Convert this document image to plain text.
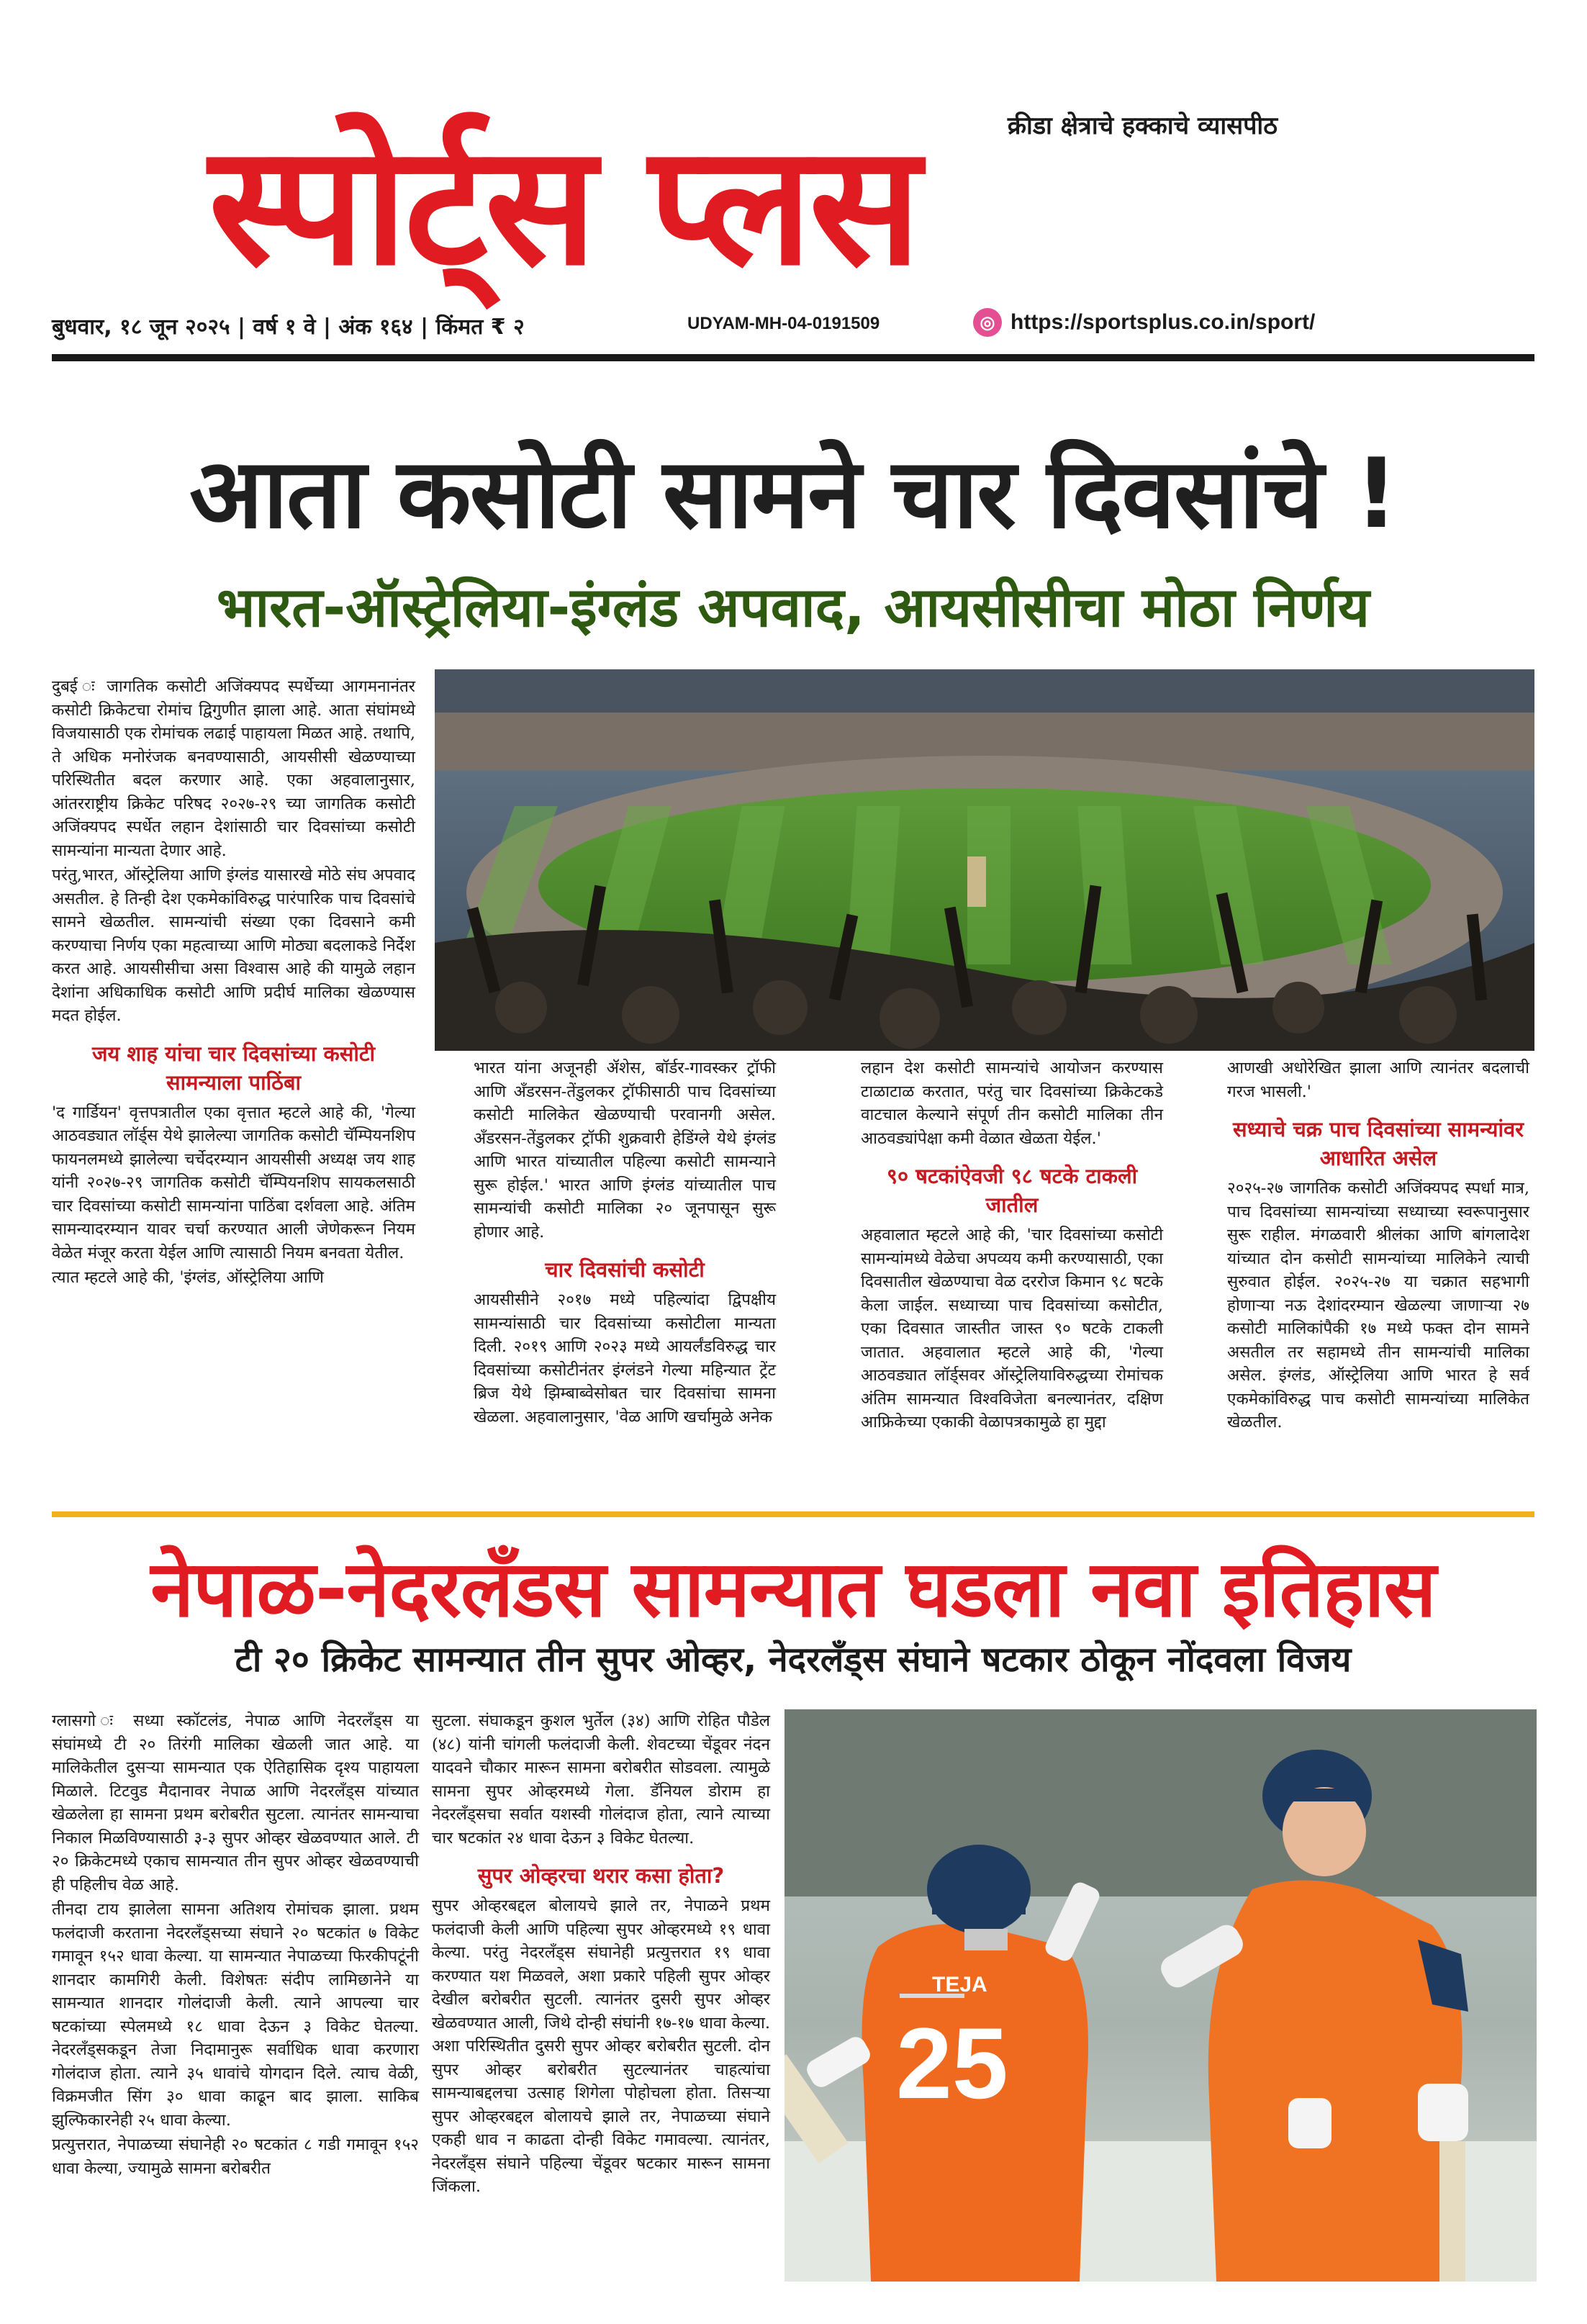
क्रीडा क्षेत्राचे हक्काचे व्यासपीठ
स्पोर्ट्स प्लस
बुधवार, १८ जून २०२५ | वर्ष १ वे | अंक १६४ | किंमत ₹ २	UDYAM-MH-04-0191509	◎ https://sportsplus.co.in/sport/
आता कसोटी सामने चार दिवसांचे !
भारत-ऑस्ट्रेलिया-इंग्लंड अपवाद, आयसीसीचा मोठा निर्णय

दुबई ः जागतिक कसोटी अजिंक्यपद स्पर्धेच्या आगमनानंतर कसोटी क्रिकेटचा रोमांच द्विगुणीत झाला आहे. आता संघांमध्ये विजयासाठी एक रोमांचक लढाई पाहायला मिळत आहे. तथापि, ते अधिक मनोरंजक बनवण्यासाठी, आयसीसी खेळण्याच्या परिस्थितीत बदल करणार आहे. एका अहवालानुसार, आंतरराष्ट्रीय क्रिकेट परिषद २०२७-२९ च्या जागतिक कसोटी अजिंक्यपद स्पर्धेत लहान देशांसाठी चार दिवसांच्या कसोटी सामन्यांना मान्यता देणार आहे.

परंतु,भारत, ऑस्ट्रेलिया आणि इंग्लंड यासारखे मोठे संघ अपवाद असतील. हे तिन्ही देश एकमेकांविरुद्ध पारंपारिक पाच दिवसांचे सामने खेळतील. सामन्यांची संख्या एका दिवसाने कमी करण्याचा निर्णय एका महत्वाच्या आणि मोठ्या बदलाकडे निर्देश करत आहे. आयसीसीचा असा विश्वास आहे की यामुळे लहान देशांना अधिकाधिक कसोटी आणि प्रदीर्घ मालिका खेळण्यास मदत होईल.

जय शाह यांचा चार दिवसांच्या कसोटी सामन्याला पाठिंबा

'द गार्डियन' वृत्तपत्रातील एका वृत्तात म्हटले आहे की, 'गेल्या आठवड्यात लॉर्ड्स येथे झालेल्या जागतिक कसोटी चॅम्पियनशिप फायनलमध्ये झालेल्या चर्चेदरम्यान आयसीसी अध्यक्ष जय शाह यांनी २०२७-२९ जागतिक कसोटी चॅम्पियनशिप सायकलसाठी चार दिवसांच्या कसोटी सामन्यांना पाठिंबा दर्शवला आहे. अंतिम सामन्यादरम्यान यावर चर्चा करण्यात आली जेणेकरून नियम वेळेत मंजूर करता येईल आणि त्यासाठी नियम बनवता येतील.

त्यात म्हटले आहे की, 'इंग्लंड, ऑस्ट्रेलिया आणि

भारत यांना अजूनही ॲशेस, बॉर्डर-गावस्कर ट्रॉफी आणि अँडरसन-तेंडुलकर ट्रॉफीसाठी पाच दिवसांच्या कसोटी मालिकेत खेळण्याची परवानगी असेल. अँडरसन-तेंडुलकर ट्रॉफी शुक्रवारी हेडिंग्ले येथे इंग्लंड आणि भारत यांच्यातील पहिल्या कसोटी सामन्याने सुरू होईल.' भारत आणि इंग्लंड यांच्यातील पाच सामन्यांची कसोटी मालिका २० जूनपासून सुरू होणार आहे.

चार दिवसांची कसोटी

आयसीसीने २०१७ मध्ये पहिल्यांदा द्विपक्षीय सामन्यांसाठी चार दिवसांच्या कसोटीला मान्यता दिली. २०१९ आणि २०२३ मध्ये आयर्लंडविरुद्ध चार दिवसांच्या कसोटीनंतर इंग्लंडने गेल्या महिन्यात ट्रेंट ब्रिज येथे झिम्बाब्वेसोबत चार दिवसांचा सामना खेळला. अहवालानुसार, 'वेळ आणि खर्चामुळे अनेक

लहान देश कसोटी सामन्यांचे आयोजन करण्यास टाळाटाळ करतात, परंतु चार दिवसांच्या क्रिकेटकडे वाटचाल केल्याने संपूर्ण तीन कसोटी मालिका तीन आठवड्यांपेक्षा कमी वेळात खेळता येईल.'

९० षटकांऐवजी ९८ षटके टाकली जातील

अहवालात म्हटले आहे की, 'चार दिवसांच्या कसोटी सामन्यांमध्ये वेळेचा अपव्यय कमी करण्यासाठी, एका दिवसातील खेळण्याचा वेळ दररोज किमान ९८ षटके केला जाईल. सध्याच्या पाच दिवसांच्या कसोटीत, एका दिवसात जास्तीत जास्त ९० षटके टाकली जातात. अहवालात म्हटले आहे की, 'गेल्या आठवड्यात लॉर्ड्सवर ऑस्ट्रेलियाविरुद्धच्या रोमांचक अंतिम सामन्यात विश्वविजेता बनल्यानंतर, दक्षिण आफ्रिकेच्या एकाकी वेळापत्रकामुळे हा मुद्दा

आणखी अधोरेखित झाला आणि त्यानंतर बदलाची गरज भासली.'

सध्याचे चक्र पाच दिवसांच्या सामन्यांवर आधारित असेल

२०२५-२७ जागतिक कसोटी अजिंक्यपद स्पर्धा मात्र, पाच दिवसांच्या सामन्यांच्या सध्याच्या स्वरूपानुसार सुरू राहील. मंगळवारी श्रीलंका आणि बांगलादेश यांच्यात दोन कसोटी सामन्यांच्या मालिकेने त्याची सुरुवात होईल. २०२५-२७ या चक्रात सहभागी होणाऱ्या नऊ देशांदरम्यान खेळल्या जाणाऱ्या २७ कसोटी मालिकांपैकी १७ मध्ये फक्त दोन सामने असतील तर सहामध्ये तीन सामन्यांची मालिका असेल. इंग्लंड, ऑस्ट्रेलिया आणि भारत हे सर्व एकमेकांविरुद्ध पाच कसोटी सामन्यांच्या मालिकेत खेळतील.

नेपाळ-नेदरलँडस सामन्यात घडला नवा इतिहास
टी २० क्रिकेट सामन्यात तीन सुपर ओव्हर, नेदरलँड्स संघाने षटकार ठोकून नोंदवला विजय

ग्लासगो ः सध्या स्कॉटलंड, नेपाळ आणि नेदरलँड्स या संघांमध्ये टी २० तिरंगी मालिका खेळली जात आहे. या मालिकेतील दुसऱ्या सामन्यात एक ऐतिहासिक दृश्य पाहायला मिळाले. टिटवुड मैदानावर नेपाळ आणि नेदरलँड्स यांच्यात खेळलेला हा सामना प्रथम बरोबरीत सुटला. त्यानंतर सामन्याचा निकाल मिळविण्यासाठी ३-३ सुपर ओव्हर खेळवण्यात आले. टी २० क्रिकेटमध्ये एकाच सामन्यात तीन सुपर ओव्हर खेळवण्याची ही पहिलीच वेळ आहे.

तीनदा टाय झालेला सामना अतिशय रोमांचक झाला. प्रथम फलंदाजी करताना नेदरलँड्सच्या संघाने २० षटकांत ७ विकेट गमावून १५२ धावा केल्या. या सामन्यात नेपाळच्या फिरकीपटूंनी शानदार कामगिरी केली. विशेषतः संदीप लामिछानेने या सामन्यात शानदार गोलंदाजी केली. त्याने आपल्या चार षटकांच्या स्पेलमध्ये १८ धावा देऊन ३ विकेट घेतल्या. नेदरलँड्सकडून तेजा निदामानुरू सर्वाधिक धावा करणारा गोलंदाज होता. त्याने ३५ धावांचे योगदान दिले. त्याच वेळी, विक्रमजीत सिंग ३० धावा काढून बाद झाला. साकिब झुल्फिकारनेही २५ धावा केल्या.

प्रत्युत्तरात, नेपाळच्या संघानेही २० षटकांत ८ गडी गमावून १५२ धावा केल्या, ज्यामुळे सामना बरोबरीत

सुटला. संघाकडून कुशल भुर्तेल (३४) आणि रोहित पौडेल (४८) यांनी चांगली फलंदाजी केली. शेवटच्या चेंडूवर नंदन यादवने चौकार मारून सामना बरोबरीत सोडवला. त्यामुळे सामना सुपर ओव्हरमध्ये गेला. डॅनियल डोराम हा नेदरलँड्सचा सर्वात यशस्वी गोलंदाज होता, त्याने त्याच्या चार षटकांत २४ धावा देऊन ३ विकेट घेतल्या.

सुपर ओव्हरचा थरार कसा होता?

सुपर ओव्हरबद्दल बोलायचे झाले तर, नेपाळने प्रथम फलंदाजी केली आणि पहिल्या सुपर ओव्हरमध्ये १९ धावा केल्या. परंतु नेदरलँड्स संघानेही प्रत्युत्तरात १९ धावा करण्यात यश मिळवले, अशा प्रकारे पहिली सुपर ओव्हर देखील बरोबरीत सुटली. त्यानंतर दुसरी सुपर ओव्हर खेळवण्यात आली, जिथे दोन्ही संघांनी १७-१७ धावा केल्या. अशा परिस्थितीत दुसरी सुपर ओव्हर बरोबरीत सुटली. दोन सुपर ओव्हर बरोबरीत सुटल्यानंतर चाहत्यांचा सामन्याबद्दलचा उत्साह शिगेला पोहोचला होता. तिसऱ्या सुपर ओव्हरबद्दल बोलायचे झाले तर, नेपाळच्या संघाने एकही धाव न काढता दोन्ही विकेट गमावल्या. त्यानंतर, नेदरलँड्स संघाने पहिल्या चेंडूवर षटकार मारून सामना जिंकला.

TEJA
25
